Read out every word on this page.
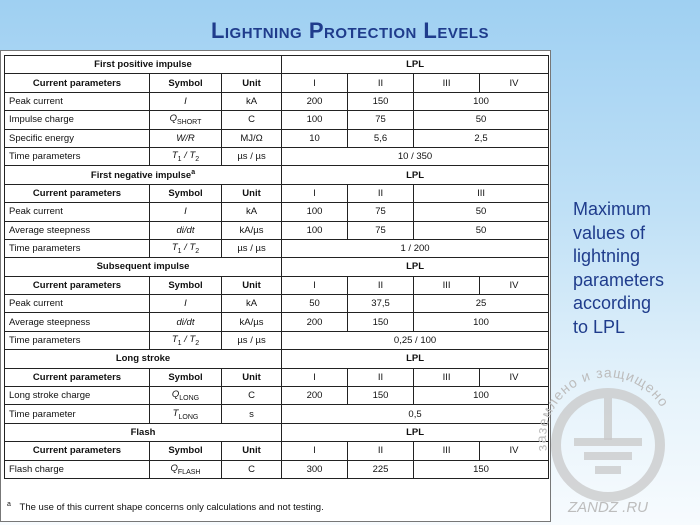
Lightning Protection Levels
First positive impulse			LPL			
Current parameters	Symbol	Unit	I	II	III	IV
Peak current	I	kA	200	150	100	
Impulse charge	$Q_{SHORT}$	C	100	75	50	
Specific energy	W/R	MJ/Ω	10	5,6	2,5	
Time parameters	$T_1 / T_2$	µs / µs	10 / 350			
First negative impulse$^a$			LPL			
Current parameters	Symbol	Unit	I	II	III	
Peak current	I	kA	100	75	50	
Average steepness	di/dt	kA/µs	100	75	50	
Time parameters	$T_1 / T_2$	µs / µs	1 / 200			
Subsequent impulse			LPL			
Current parameters	Symbol	Unit	I	II	III	IV
Peak current	I	kA	50	37,5	25	
Average steepness	di/dt	kA/µs	200	150	100	
Time parameters	$T_1 / T_2$	µs / µs	0,25 / 100			
Long stroke			LPL			
Current parameters	Symbol	Unit	I	II	III	IV
Long stroke charge	$Q_{LONG}$	C	200	150	100	
Time parameter	$T_{LONG}$	s	0,5			
Flash			LPL			
Current parameters	Symbol	Unit	I	II	III	IV
Flash charge	$Q_{FLASH}$	C	300	225	150	
$^a$ The use of this current shape concerns only calculations and not testing.
Maximum
values of
lightning
parameters
according
to LPL
заземлено и защищено
ZANDZ .RU
